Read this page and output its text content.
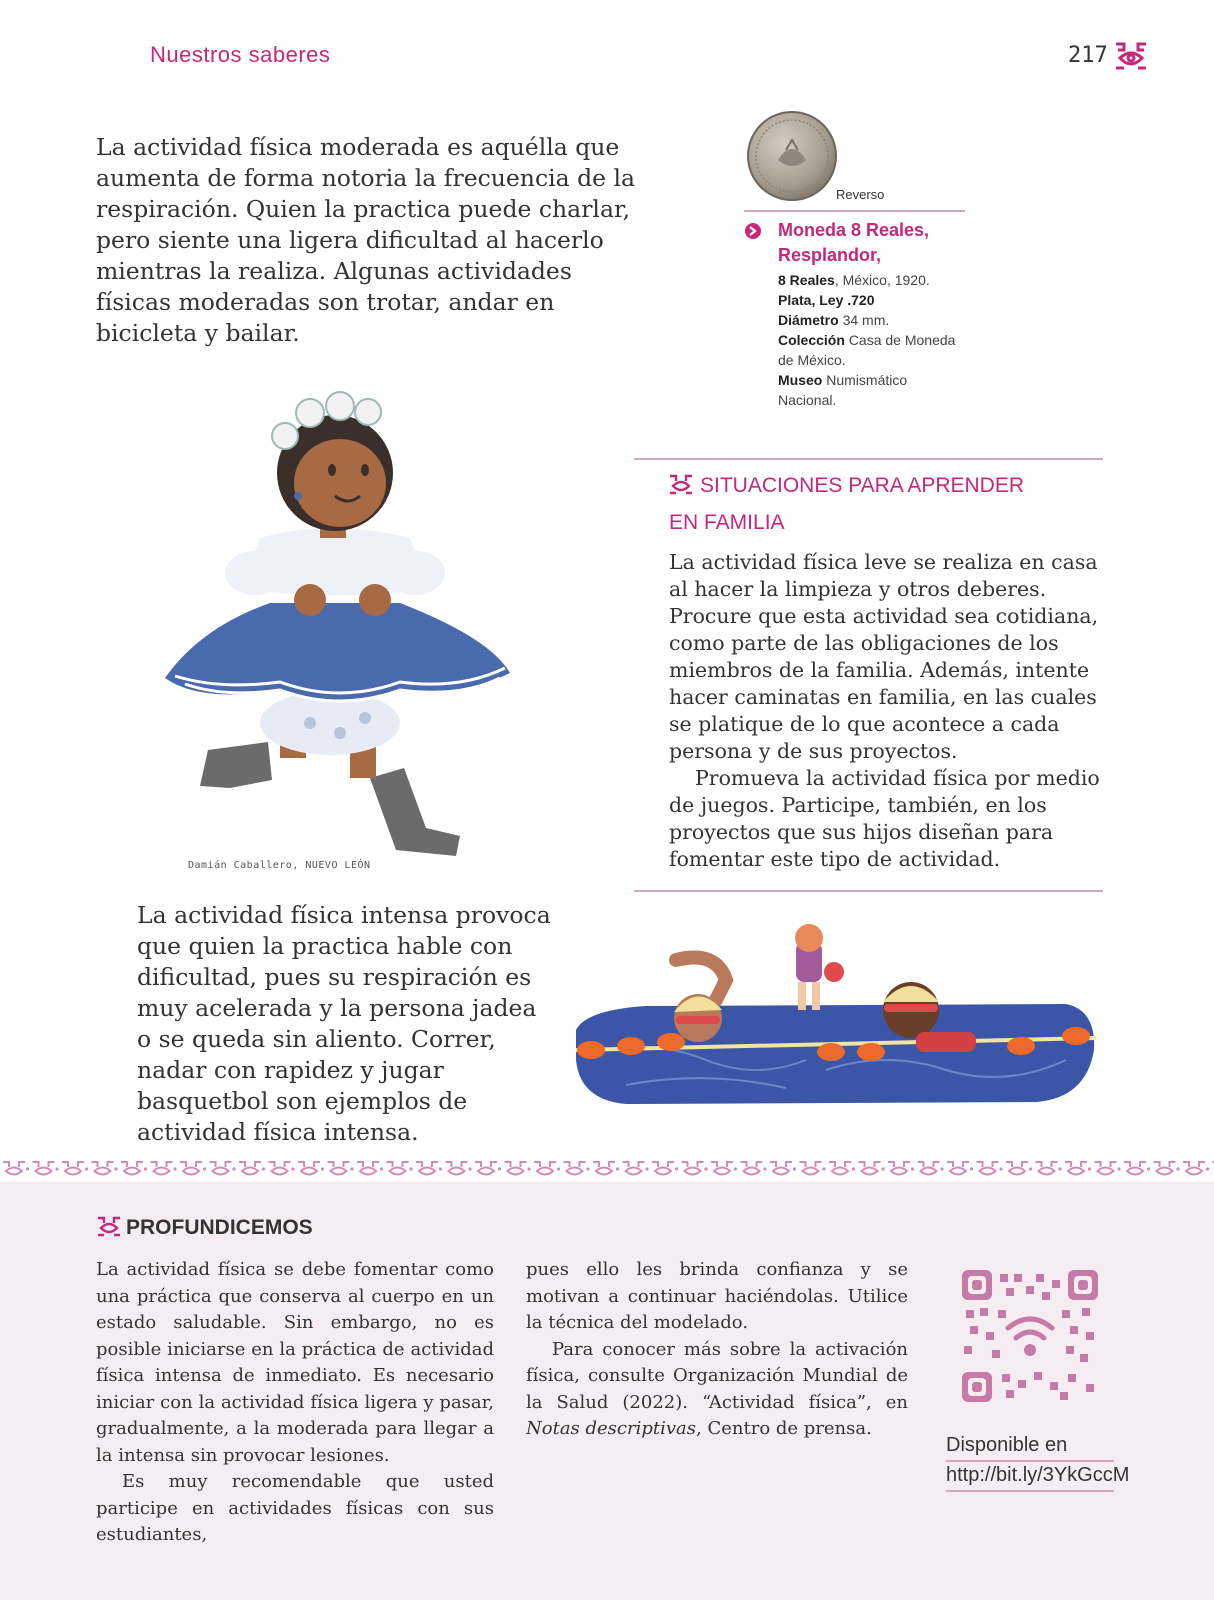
Nuestros saberes	217
La actividad física moderada es aquélla que aumenta de forma notoria la frecuencia de la respiración. Quien la practica puede charlar, pero siente una ligera dificultad al hacerlo mientras la realiza. Algunas actividades físicas moderadas son trotar, andar en bicicleta y bailar.
Reverso
Moneda 8 Reales,
Resplandor,
8 Reales, México, 1920.
Plata, Ley .720
Diámetro 34 mm.
Colección Casa de Moneda
de México.
Museo Numismático
Nacional.
Damián Caballero, NUEVO LEÓN
SITUACIONES PARA APRENDER
EN FAMILIA
La actividad física leve se realiza en casa al hacer la limpieza y otros deberes. Procure que esta actividad sea cotidiana, como parte de las obligaciones de los miembros de la familia. Además, intente hacer caminatas en familia, en las cuales se platique de lo que acontece a cada persona y de sus proyectos.
Promueva la actividad física por medio de juegos. Participe, también, en los proyectos que sus hijos diseñan para fomentar este tipo de actividad.
La actividad física intensa provoca que quien la practica hable con dificultad, pues su respiración es muy acelerada y la persona jadea o se queda sin aliento. Correr, nadar con rapidez y jugar basquetbol son ejemplos de actividad física intensa.
PROFUNDICEMOS
La actividad física se debe fomentar como una práctica que conserva al cuerpo en un estado saludable. Sin embargo, no es posible iniciarse en la práctica de actividad física intensa de inmediato. Es necesario iniciar con la actividad física ligera y pasar, gradualmente, a la moderada para llegar a la intensa sin provocar lesiones.
Es muy recomendable que usted participe en actividades físicas con sus estudiantes,
pues ello les brinda confianza y se motivan a continuar haciéndolas. Utilice la técnica del modelado.
Para conocer más sobre la activación física, consulte Organización Mundial de la Salud (2022). “Actividad física”, en Notas descriptivas, Centro de prensa.
Disponible en
http://bit.ly/3YkGccM
